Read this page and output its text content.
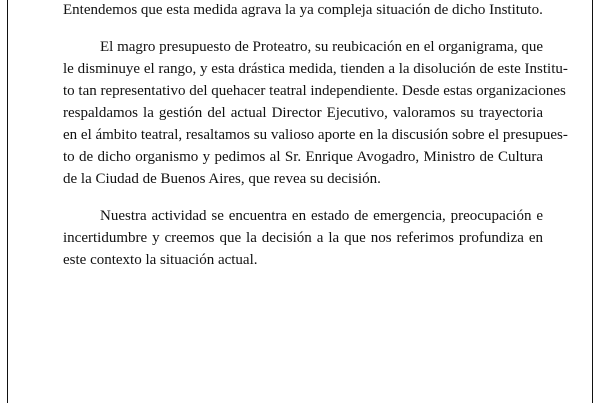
Entendemos que esta medida agrava la ya compleja situación de dicho Instituto.
El magro presupuesto de Proteatro, su reubicación en el organigrama, que
le disminuye el rango, y esta drástica medida, tienden a la disolución de este Institu-
to tan representativo del quehacer teatral independiente. Desde estas organizaciones
respaldamos la gestión del actual Director Ejecutivo, valoramos su trayectoria
en el ámbito teatral, resaltamos su valioso aporte en la discusión sobre el presupues-
to de dicho organismo y pedimos al Sr. Enrique Avogadro, Ministro de Cultura
de la Ciudad de Buenos Aires, que revea su decisión.
Nuestra actividad se encuentra en estado de emergencia, preocupación e
incertidumbre y creemos que la decisión a la que nos referimos profundiza en
este contexto la situación actual.
